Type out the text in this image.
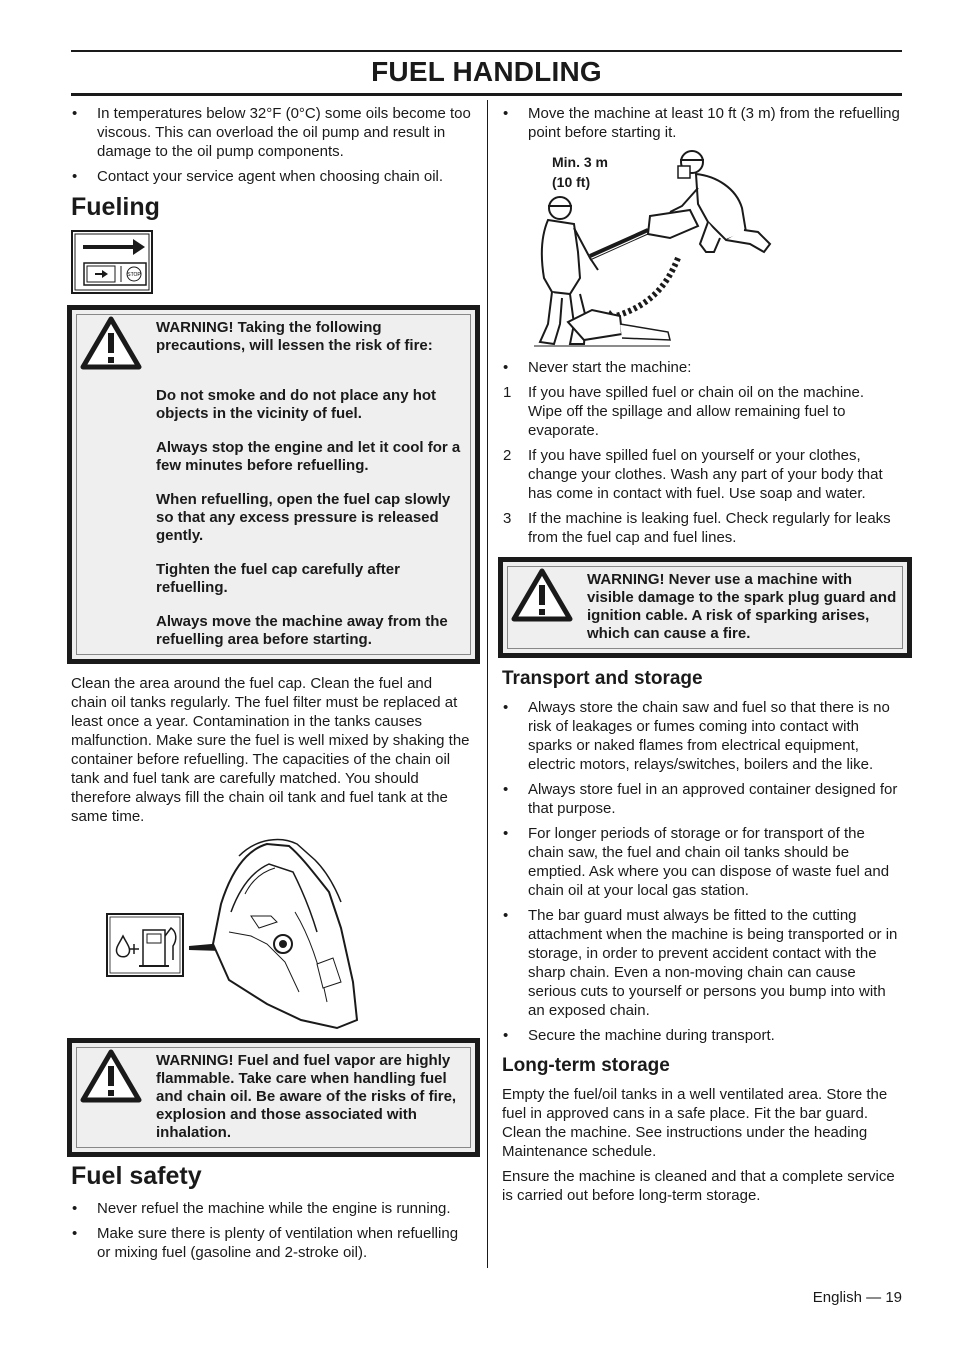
FUEL HANDLING
• In temperatures below 32°F (0°C) some oils become too viscous. This can overload the oil pump and result in damage to the oil pump components.
• Contact your service agent when choosing chain oil.
Fueling
STOP

WARNING! Taking the following precautions, will lessen the risk of fire:

Do not smoke and do not place any hot objects in the vicinity of fuel.

Always stop the engine and let it cool for a few minutes before refuelling.

When refuelling, open the fuel cap slowly so that any excess pressure is released gently.

Tighten the fuel cap carefully after refuelling.

Always move the machine away from the refuelling area before starting.

Clean the area around the fuel cap. Clean the fuel and chain oil tanks regularly. The fuel filter must be replaced at least once a year. Contamination in the tanks causes malfunction. Make sure the fuel is well mixed by shaking the container before refuelling. The capacities of the chain oil tank and fuel tank are carefully matched. You should therefore always fill the chain oil tank and fuel tank at the same time.

WARNING! Fuel and fuel vapor are highly flammable. Take care when handling fuel and chain oil. Be aware of the risks of fire, explosion and those associated with inhalation.

Fuel safety
• Never refuel the machine while the engine is running.
• Make sure there is plenty of ventilation when refuelling or mixing fuel (gasoline and 2-stroke oil).
• Move the machine at least 10 ft (3 m) from the refuelling point before starting it.
Min. 3 m
(10 ft)
• Never start the machine:
1 If you have spilled fuel or chain oil on the machine. Wipe off the spillage and allow remaining fuel to evaporate.
2 If you have spilled fuel on yourself or your clothes, change your clothes. Wash any part of your body that has come in contact with fuel. Use soap and water.
3 If the machine is leaking fuel. Check regularly for leaks from the fuel cap and fuel lines.

WARNING! Never use a machine with visible damage to the spark plug guard and ignition cable. A risk of sparking arises, which can cause a fire.

Transport and storage
• Always store the chain saw and fuel so that there is no risk of leakages or fumes coming into contact with sparks or naked flames from electrical equipment, electric motors, relays/switches, boilers and the like.
• Always store fuel in an approved container designed for that purpose.
• For longer periods of storage or for transport of the chain saw, the fuel and chain oil tanks should be emptied. Ask where you can dispose of waste fuel and chain oil at your local gas station.
• The bar guard must always be fitted to the cutting attachment when the machine is being transported or in storage, in order to prevent accident contact with the sharp chain. Even a non-moving chain can cause serious cuts to yourself or persons you bump into with an exposed chain.
• Secure the machine during transport.
Long-term storage

Empty the fuel/oil tanks in a well ventilated area. Store the fuel in approved cans in a safe place. Fit the bar guard. Clean the machine. See instructions under the heading Maintenance schedule.

Ensure the machine is cleaned and that a complete service is carried out before long-term storage.

English — 19
